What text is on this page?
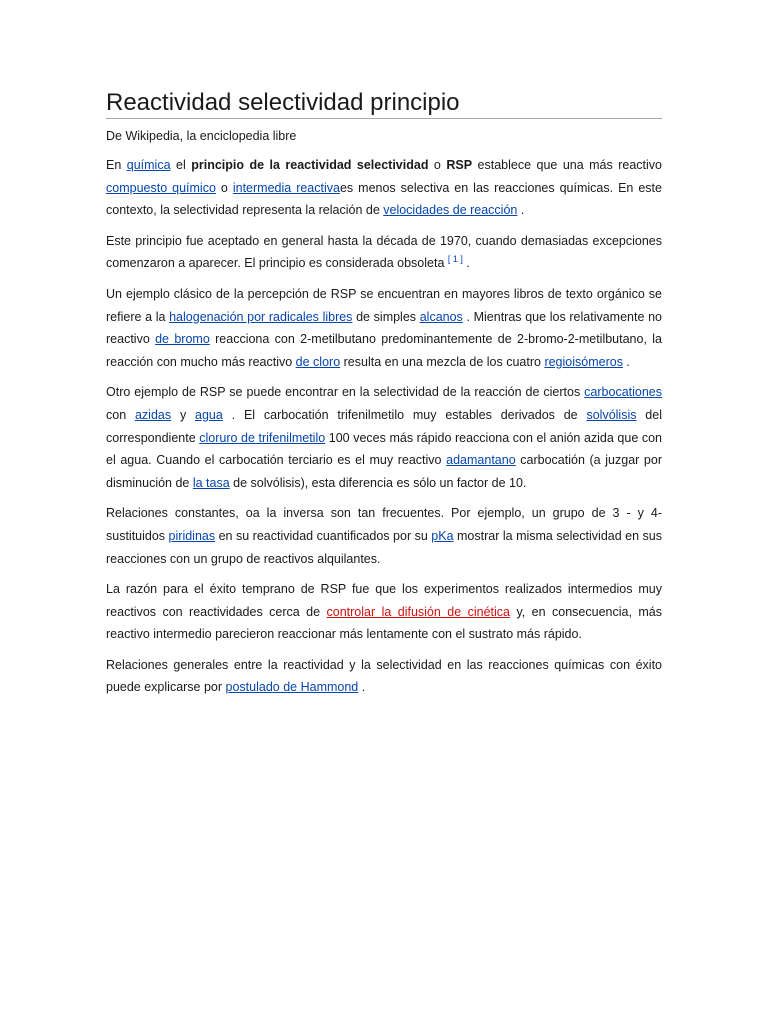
Reactividad selectividad principio
De Wikipedia, la enciclopedia libre

En química el principio de la reactividad selectividad o RSP establece que una más reactivo compuesto químico o intermedia reactivaes menos selectiva en las reacciones químicas. En este contexto, la selectividad representa la relación de velocidades de reacción .

Este principio fue aceptado en general hasta la década de 1970, cuando demasiadas excepciones comenzaron a aparecer. El principio es considerada obsoleta [ 1 ] .

Un ejemplo clásico de la percepción de RSP se encuentran en mayores libros de texto orgánico se refiere a la halogenación por radicales libres de simples alcanos . Mientras que los relativamente no reactivo de bromo reacciona con 2-metilbutano predominantemente de 2-bromo-2-metilbutano, la reacción con mucho más reactivo de cloro resulta en una mezcla de los cuatro regioisómeros .

Otro ejemplo de RSP se puede encontrar en la selectividad de la reacción de ciertos carbocationes con azidas y agua . El carbocatión trifenilmetilo muy estables derivados de solvólisis del correspondiente cloruro de trifenilmetilo 100 veces más rápido reacciona con el anión azida que con el agua. Cuando el carbocatión terciario es el muy reactivo adamantano carbocatión (a juzgar por disminución de la tasa de solvólisis), esta diferencia es sólo un factor de 10.

Relaciones constantes, oa la inversa son tan frecuentes. Por ejemplo, un grupo de 3 - y 4-sustituidos piridinas en su reactividad cuantificados por su pKa mostrar la misma selectividad en sus reacciones con un grupo de reactivos alquilantes.

La razón para el éxito temprano de RSP fue que los experimentos realizados intermedios muy reactivos con reactividades cerca de controlar la difusión de cinética y, en consecuencia, más reactivo intermedio parecieron reaccionar más lentamente con el sustrato más rápido.

Relaciones generales entre la reactividad y la selectividad en las reacciones químicas con éxito puede explicarse por postulado de Hammond .
